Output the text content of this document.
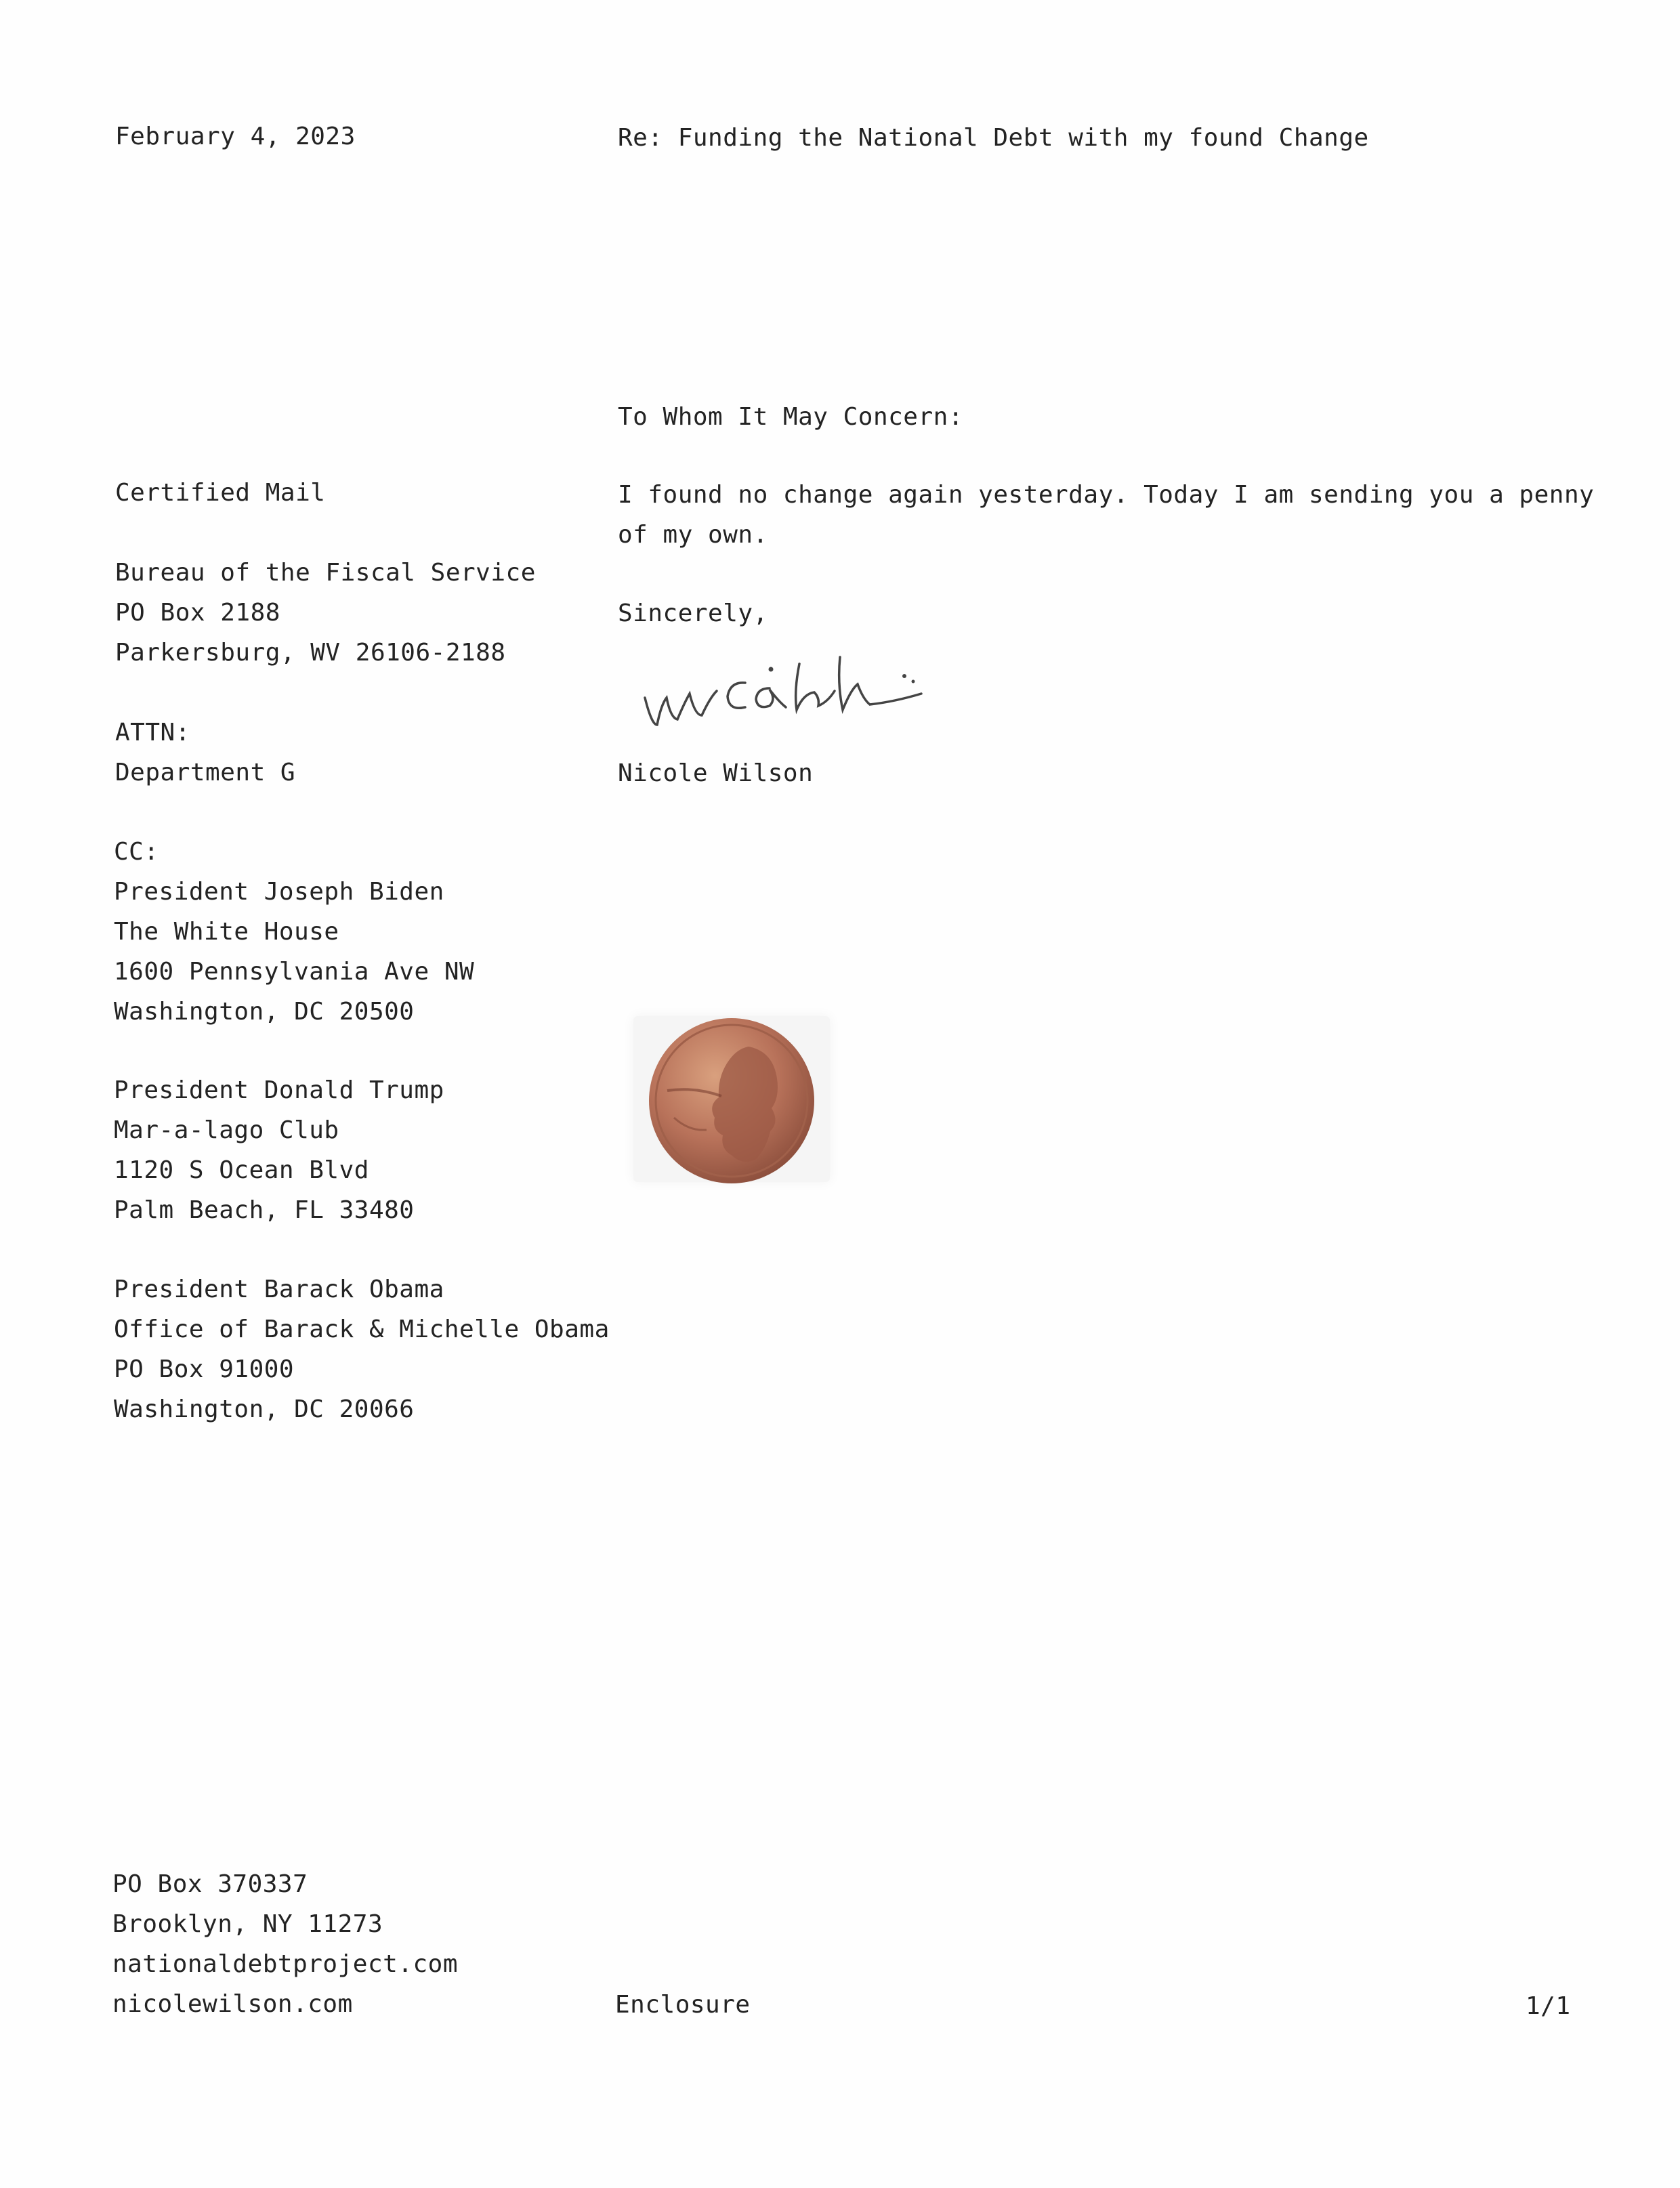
February 4, 2023	Re: Funding the National Debt with my found Change
To Whom It May Concern:
I found no change again yesterday. Today I am sending you a penny
of my own.
Sincerely,
Nicole Wilson
Certified Mail
Bureau of the Fiscal Service
PO Box 2188
Parkersburg, WV 26106-2188
ATTN:
Department G
CC:
President Joseph Biden
The White House
1600 Pennsylvania Ave NW
Washington, DC 20500
President Donald Trump
Mar-a-lago Club
1120 S Ocean Blvd
Palm Beach, FL 33480
President Barack Obama
Office of Barack & Michelle Obama
PO Box 91000
Washington, DC 20066
PO Box 370337
Brooklyn, NY 11273
nationaldebtproject.com
nicolewilson.com	Enclosure	1/1
